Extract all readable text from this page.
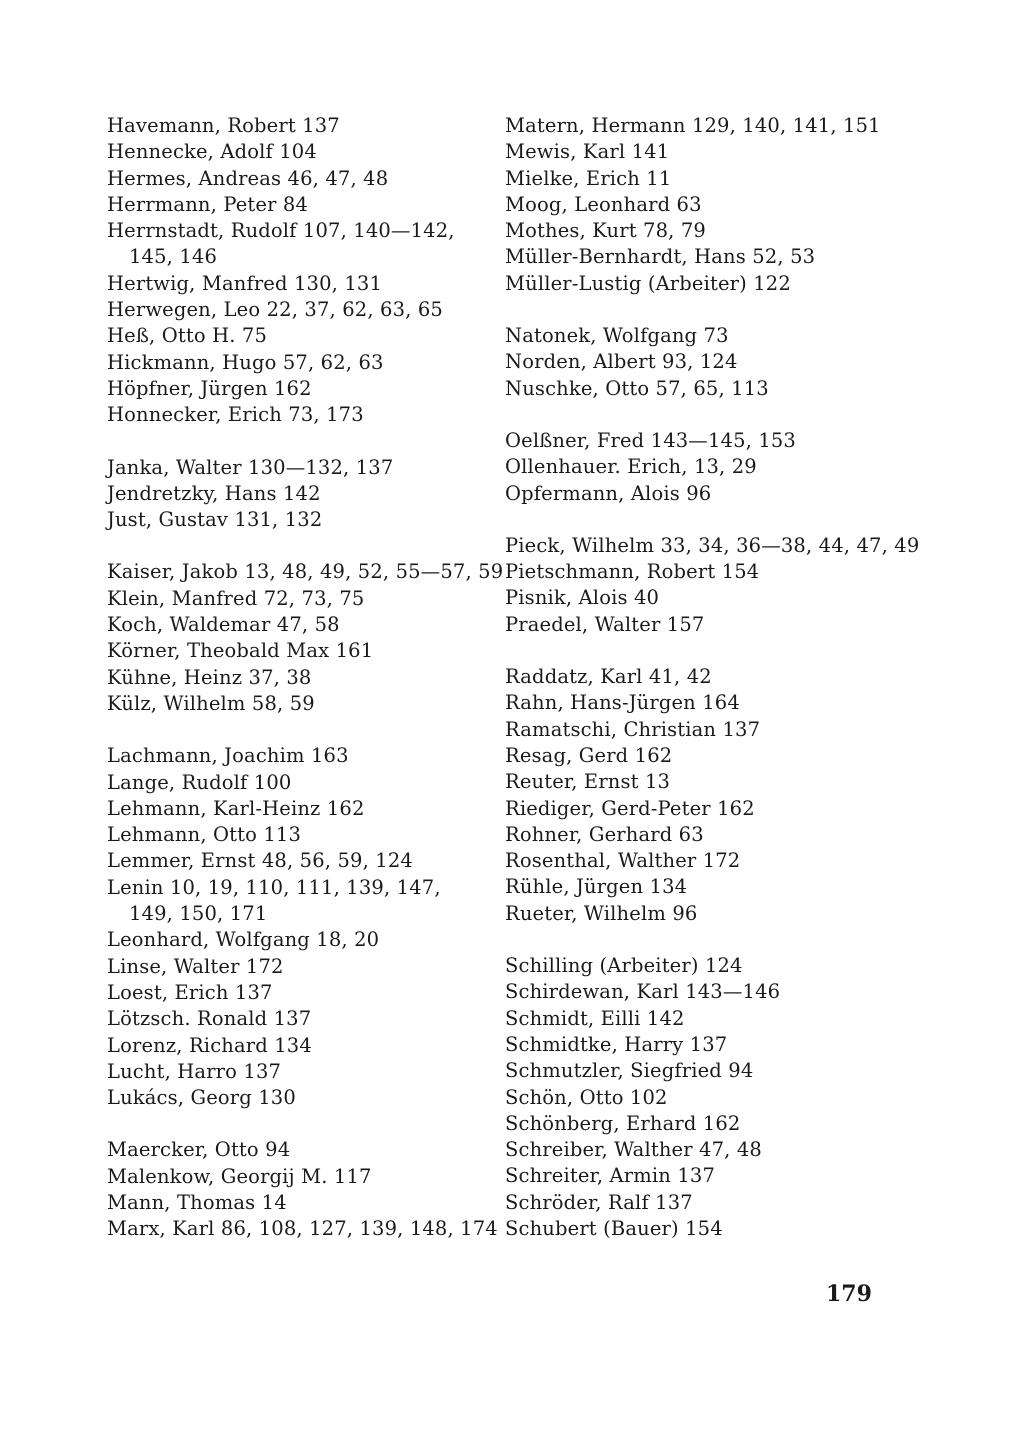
Havemann, Robert 137
Hennecke, Adolf 104
Hermes, Andreas 46, 47, 48
Herrmann, Peter 84
Herrnstadt, Rudolf 107, 140—142,
145, 146
Hertwig, Manfred 130, 131
Herwegen, Leo 22, 37, 62, 63, 65
Heß, Otto H. 75
Hickmann, Hugo 57, 62, 63
Höpfner, Jürgen 162
Honnecker, Erich 73, 173
Janka, Walter 130—132, 137
Jendretzky, Hans 142
Just, Gustav 131, 132
Kaiser, Jakob 13, 48, 49, 52, 55—57, 59
Klein, Manfred 72, 73, 75
Koch, Waldemar 47, 58
Körner, Theobald Max 161
Kühne, Heinz 37, 38
Külz, Wilhelm 58, 59
Lachmann, Joachim 163
Lange, Rudolf 100
Lehmann, Karl-Heinz 162
Lehmann, Otto 113
Lemmer, Ernst 48, 56, 59, 124
Lenin 10, 19, 110, 111, 139, 147,
149, 150, 171
Leonhard, Wolfgang 18, 20
Linse, Walter 172
Loest, Erich 137
Lötzsch. Ronald 137
Lorenz, Richard 134
Lucht, Harro 137
Lukács, Georg 130
Maercker, Otto 94
Malenkow, Georgij M. 117
Mann, Thomas 14
Marx, Karl 86, 108, 127, 139, 148, 174
Matern, Hermann 129, 140, 141, 151
Mewis, Karl 141
Mielke, Erich 11
Moog, Leonhard 63
Mothes, Kurt 78, 79
Müller-Bernhardt, Hans 52, 53
Müller-Lustig (Arbeiter) 122
Natonek, Wolfgang 73
Norden, Albert 93, 124
Nuschke, Otto 57, 65, 113
Oelßner, Fred 143—145, 153
Ollenhauer. Erich, 13, 29
Opfermann, Alois 96
Pieck, Wilhelm 33, 34, 36—38, 44, 47, 49
Pietschmann, Robert 154
Pisnik, Alois 40
Praedel, Walter 157
Raddatz, Karl 41, 42
Rahn, Hans-Jürgen 164
Ramatschi, Christian 137
Resag, Gerd 162
Reuter, Ernst 13
Riediger, Gerd-Peter 162
Rohner, Gerhard 63
Rosenthal, Walther 172
Rühle, Jürgen 134
Rueter, Wilhelm 96
Schilling (Arbeiter) 124
Schirdewan, Karl 143—146
Schmidt, Eilli 142
Schmidtke, Harry 137
Schmutzler, Siegfried 94
Schön, Otto 102
Schönberg, Erhard 162
Schreiber, Walther 47, 48
Schreiter, Armin 137
Schröder, Ralf 137
Schubert (Bauer) 154
179
